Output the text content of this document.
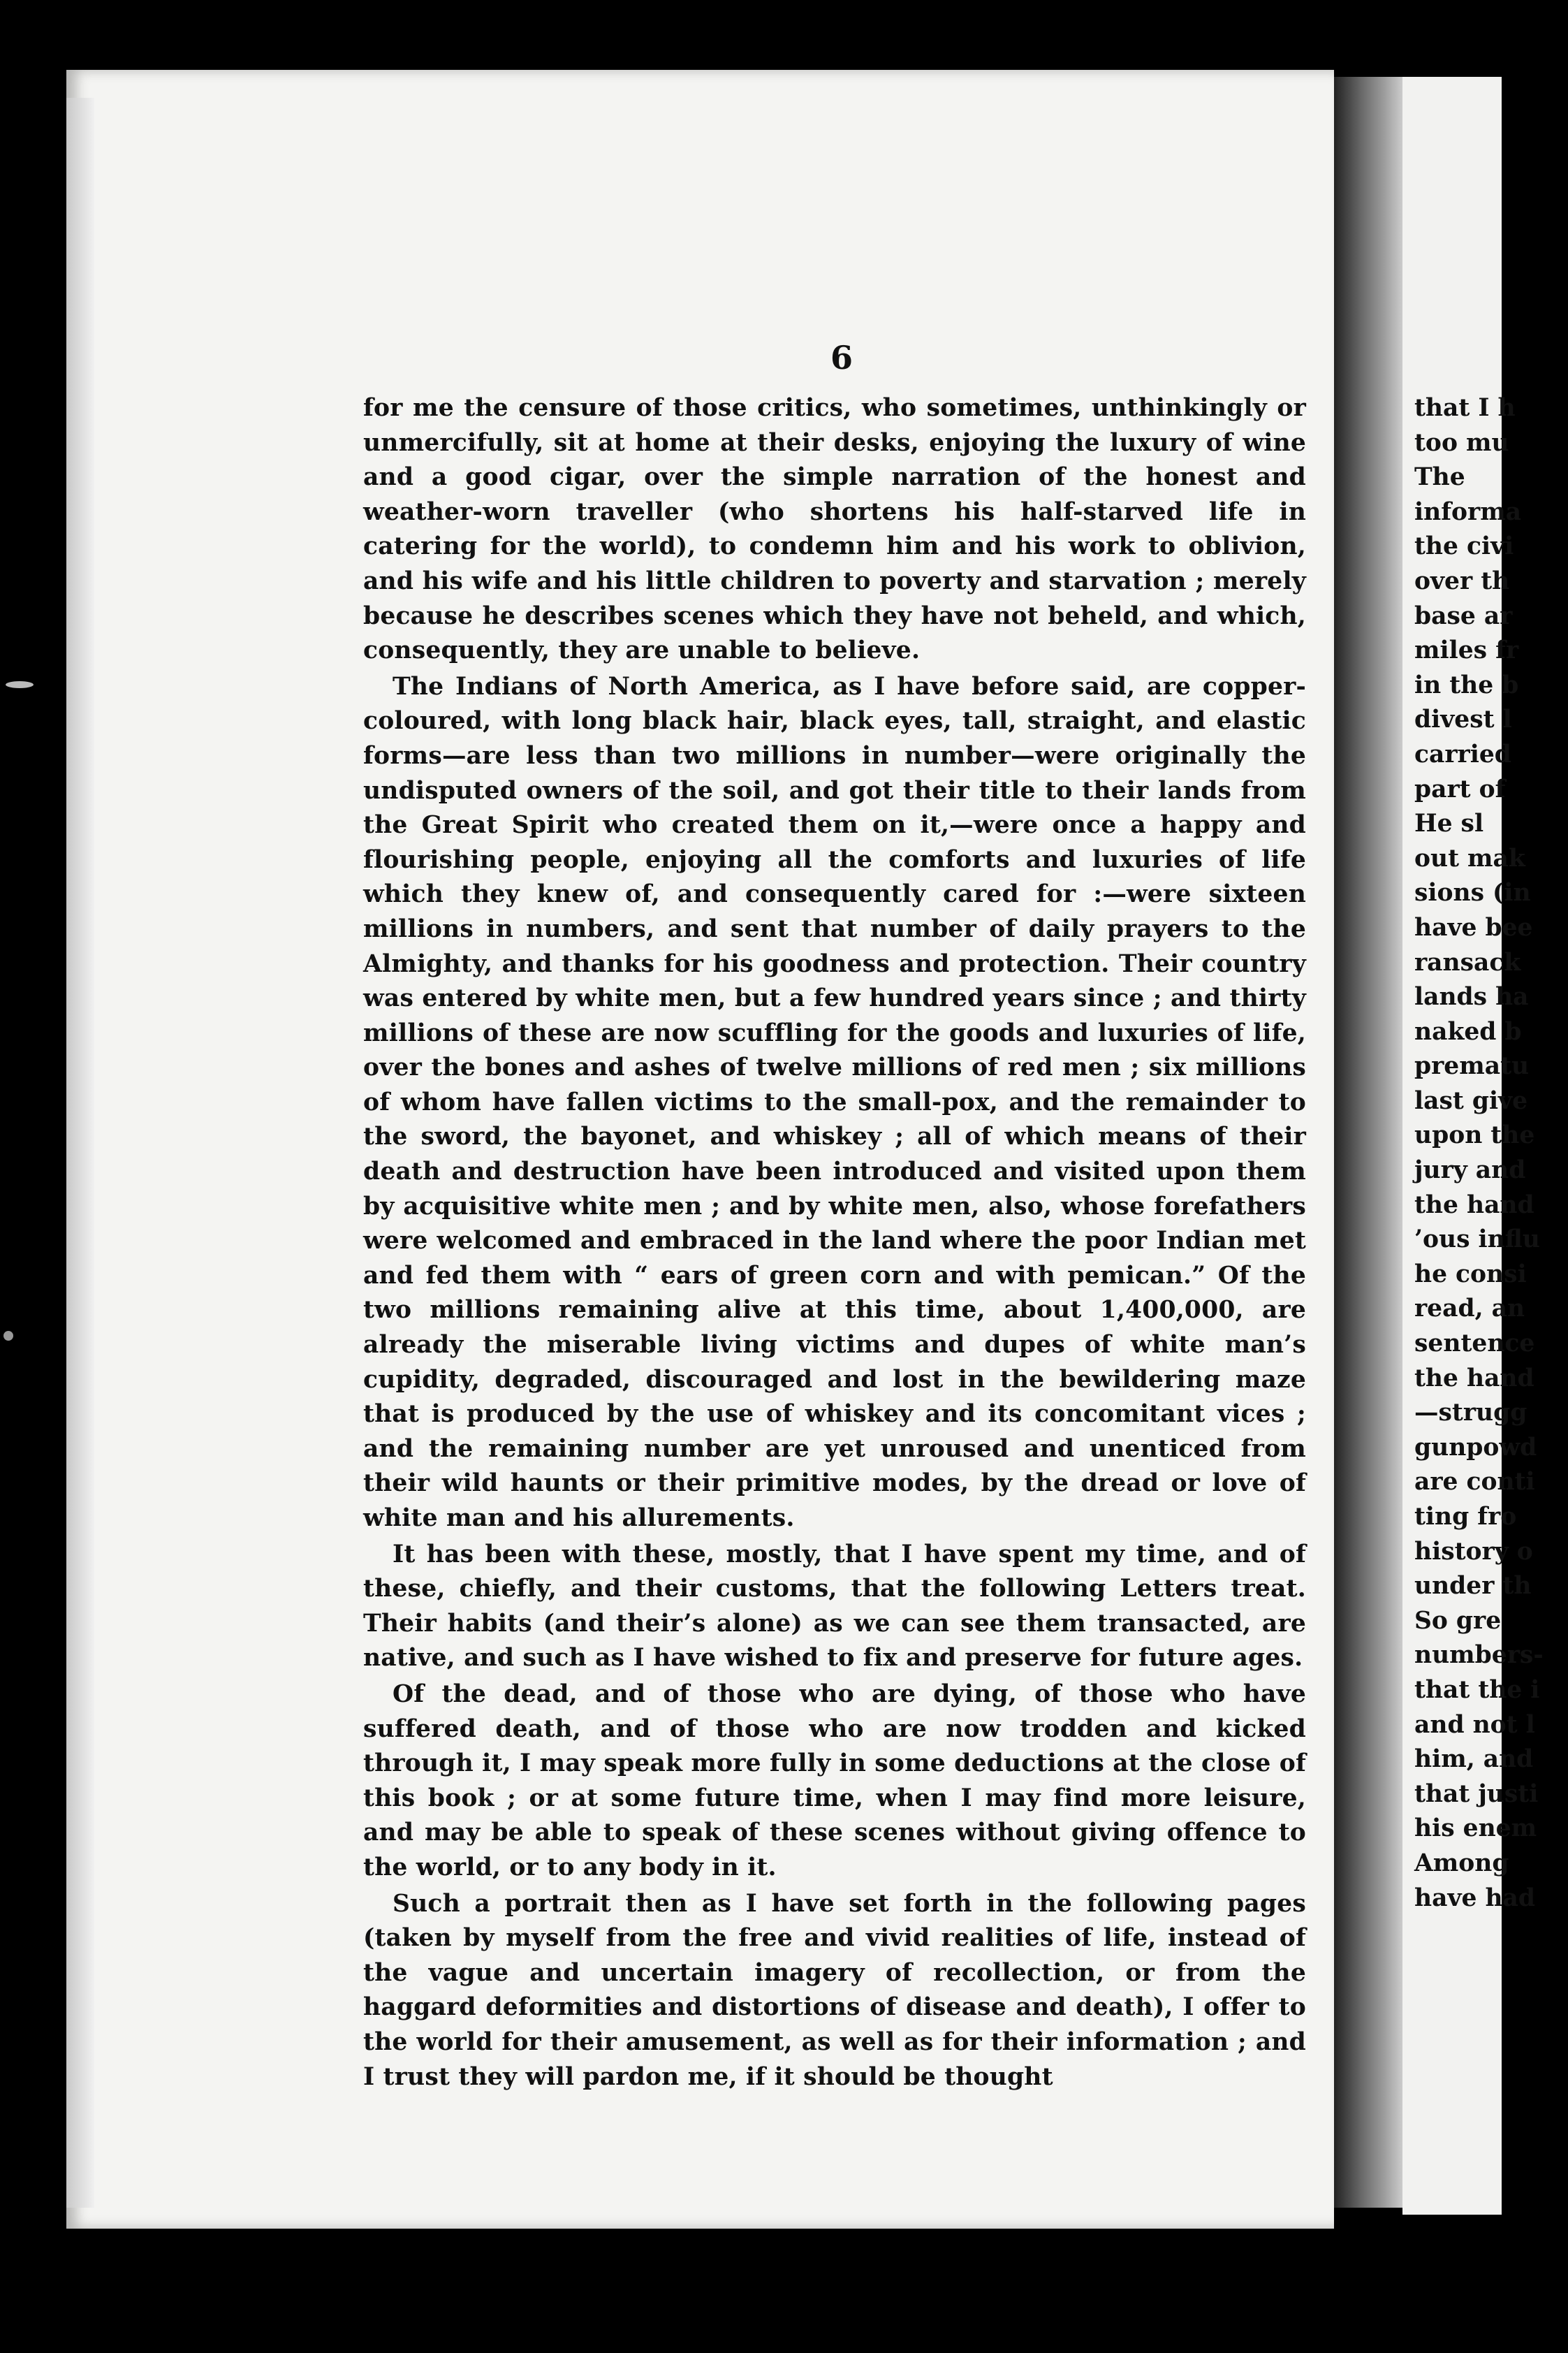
6

for me the censure of those critics, who sometimes, unthinkingly or unmercifully, sit at home at their desks, enjoying the luxury of wine and a good cigar, over the simple narration of the honest and weather-worn traveller (who shortens his half-starved life in catering for the world), to condemn him and his work to oblivion, and his wife and his little children to poverty and starvation ; merely because he describes scenes which they have not beheld, and which, consequently, they are unable to believe.

The Indians of North America, as I have before said, are copper-coloured, with long black hair, black eyes, tall, straight, and elastic forms—are less than two millions in number—were originally the undisputed owners of the soil, and got their title to their lands from the Great Spirit who created them on it,—were once a happy and flourishing people, enjoying all the comforts and luxuries of life which they knew of, and consequently cared for :—were sixteen millions in numbers, and sent that number of daily prayers to the Almighty, and thanks for his goodness and protection. Their country was entered by white men, but a few hundred years since ; and thirty millions of these are now scuffling for the goods and luxuries of life, over the bones and ashes of twelve millions of red men ; six millions of whom have fallen victims to the small-pox, and the remainder to the sword, the bayonet, and whiskey ; all of which means of their death and destruction have been introduced and visited upon them by acquisitive white men ; and by white men, also, whose forefathers were welcomed and embraced in the land where the poor Indian met and fed them with “ ears of green corn and with pemican.” Of the two millions remaining alive at this time, about 1,400,000, are already the miserable living victims and dupes of white man’s cupidity, degraded, discouraged and lost in the bewildering maze that is produced by the use of whiskey and its concomitant vices ; and the remaining number are yet unroused and unenticed from their wild haunts or their primitive modes, by the dread or love of white man and his allurements.

It has been with these, mostly, that I have spent my time, and of these, chiefly, and their customs, that the following Letters treat. Their habits (and their’s alone) as we can see them transacted, are native, and such as I have wished to fix and preserve for future ages.

Of the dead, and of those who are dying, of those who have suffered death, and of those who are now trodden and kicked through it, I may speak more fully in some deductions at the close of this book ; or at some future time, when I may find more leisure, and may be able to speak of these scenes without giving offence to the world, or to any body in it.

Such a portrait then as I have set forth in the following pages (taken by myself from the free and vivid realities of life, instead of the vague and uncertain imagery of recollection, or from the haggard deformities and distortions of disease and death), I offer to the world for their amusement, as well as for their information ; and I trust they will pardon me, if it should be thought

that I h
too mu
The
informa
the civi
over th
base ar
miles fr
in the b
divest l
carried
part of
He sl
out mak
sions (in
have bee
ransack
lands ha
naked b
prematu
last give
upon the
jury and
the hand
’ous influ
he consi
read, an
sentence
the hand
—strugg
gunpowd
are conti
ting fro
history o
under th
So gre
numbers-
that the i
and not l
him, and
that justi
his enem
Among
have had
